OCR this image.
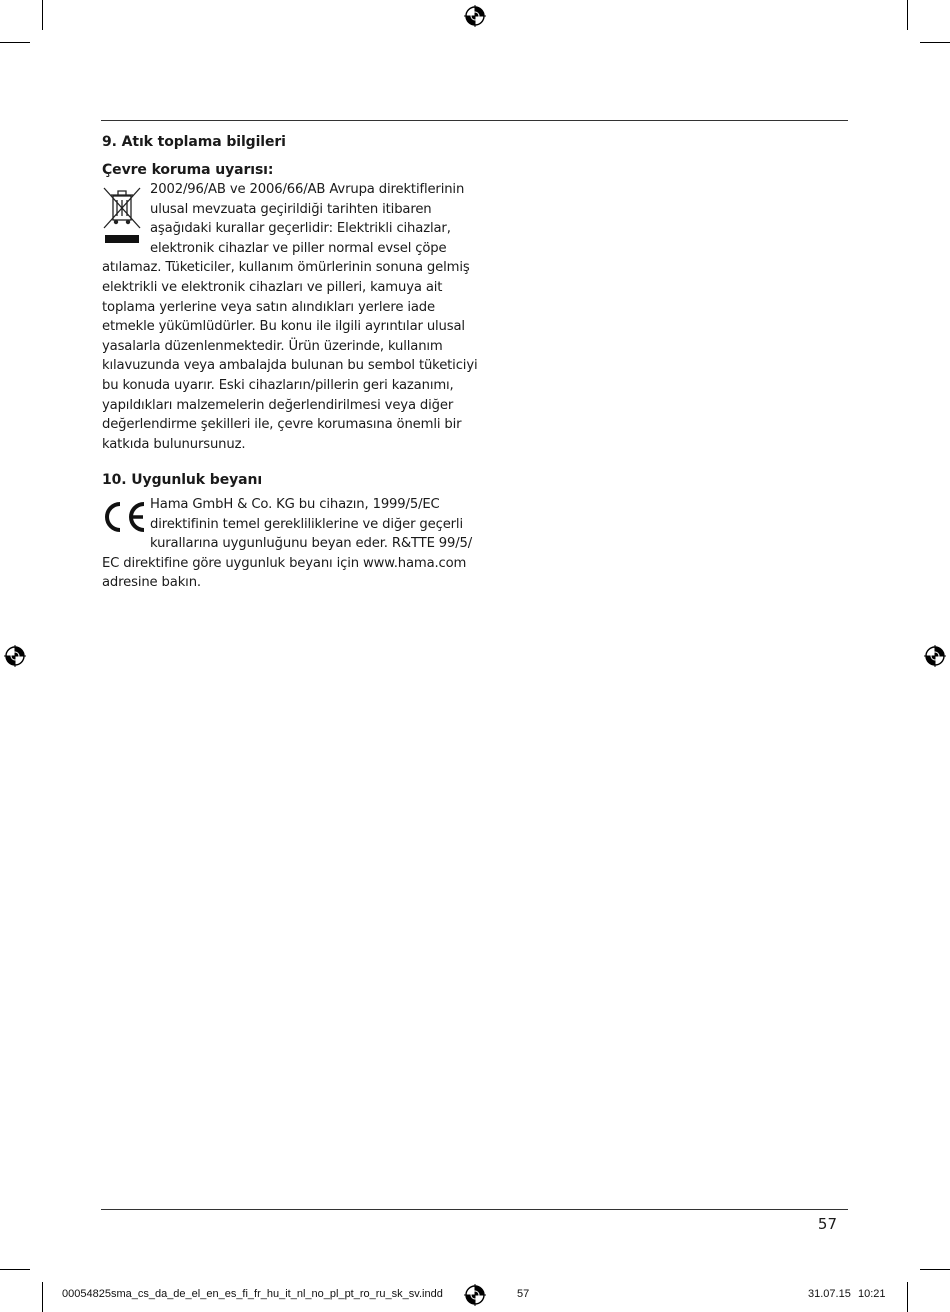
9. Atık toplama bilgileri

Çevre koruma uyarısı:

2002/96/AB ve 2006/66/AB Avrupa direktiflerinin
ulusal mevzuata geçirildiği tarihten itibaren
aşağıdaki kurallar geçerlidir: Elektrikli cihazlar,
elektronik cihazlar ve piller normal evsel çöpe
atılamaz. Tüketiciler, kullanım ömürlerinin sonuna gelmiş
elektrikli ve elektronik cihazları ve pilleri, kamuya ait
toplama yerlerine veya satın alındıkları yerlere iade
etmekle yükümlüdürler. Bu konu ile ilgili ayrıntılar ulusal
yasalarla düzenlenmektedir. Ürün üzerinde, kullanım
kılavuzunda veya ambalajda bulunan bu sembol tüketiciyi
bu konuda uyarır. Eski cihazların/pillerin geri kazanımı,
yapıldıkları malzemelerin değerlendirilmesi veya diğer
değerlendirme şekilleri ile, çevre korumasına önemli bir
katkıda bulunursunuz.

10. Uygunluk beyanı

Hama GmbH & Co. KG bu cihazın, 1999/5/EC
direktifinin temel gerekliliklerine ve diğer geçerli
kurallarına uygunluğunu beyan eder. R&TTE 99/5/
EC direktifine göre uygunluk beyanı için www.hama.com
adresine bakın.
57
00054825sma_cs_da_de_el_en_es_fi_fr_hu_it_nl_no_pl_pt_ro_ru_sk_sv.indd	57	31.07.15 10:21
